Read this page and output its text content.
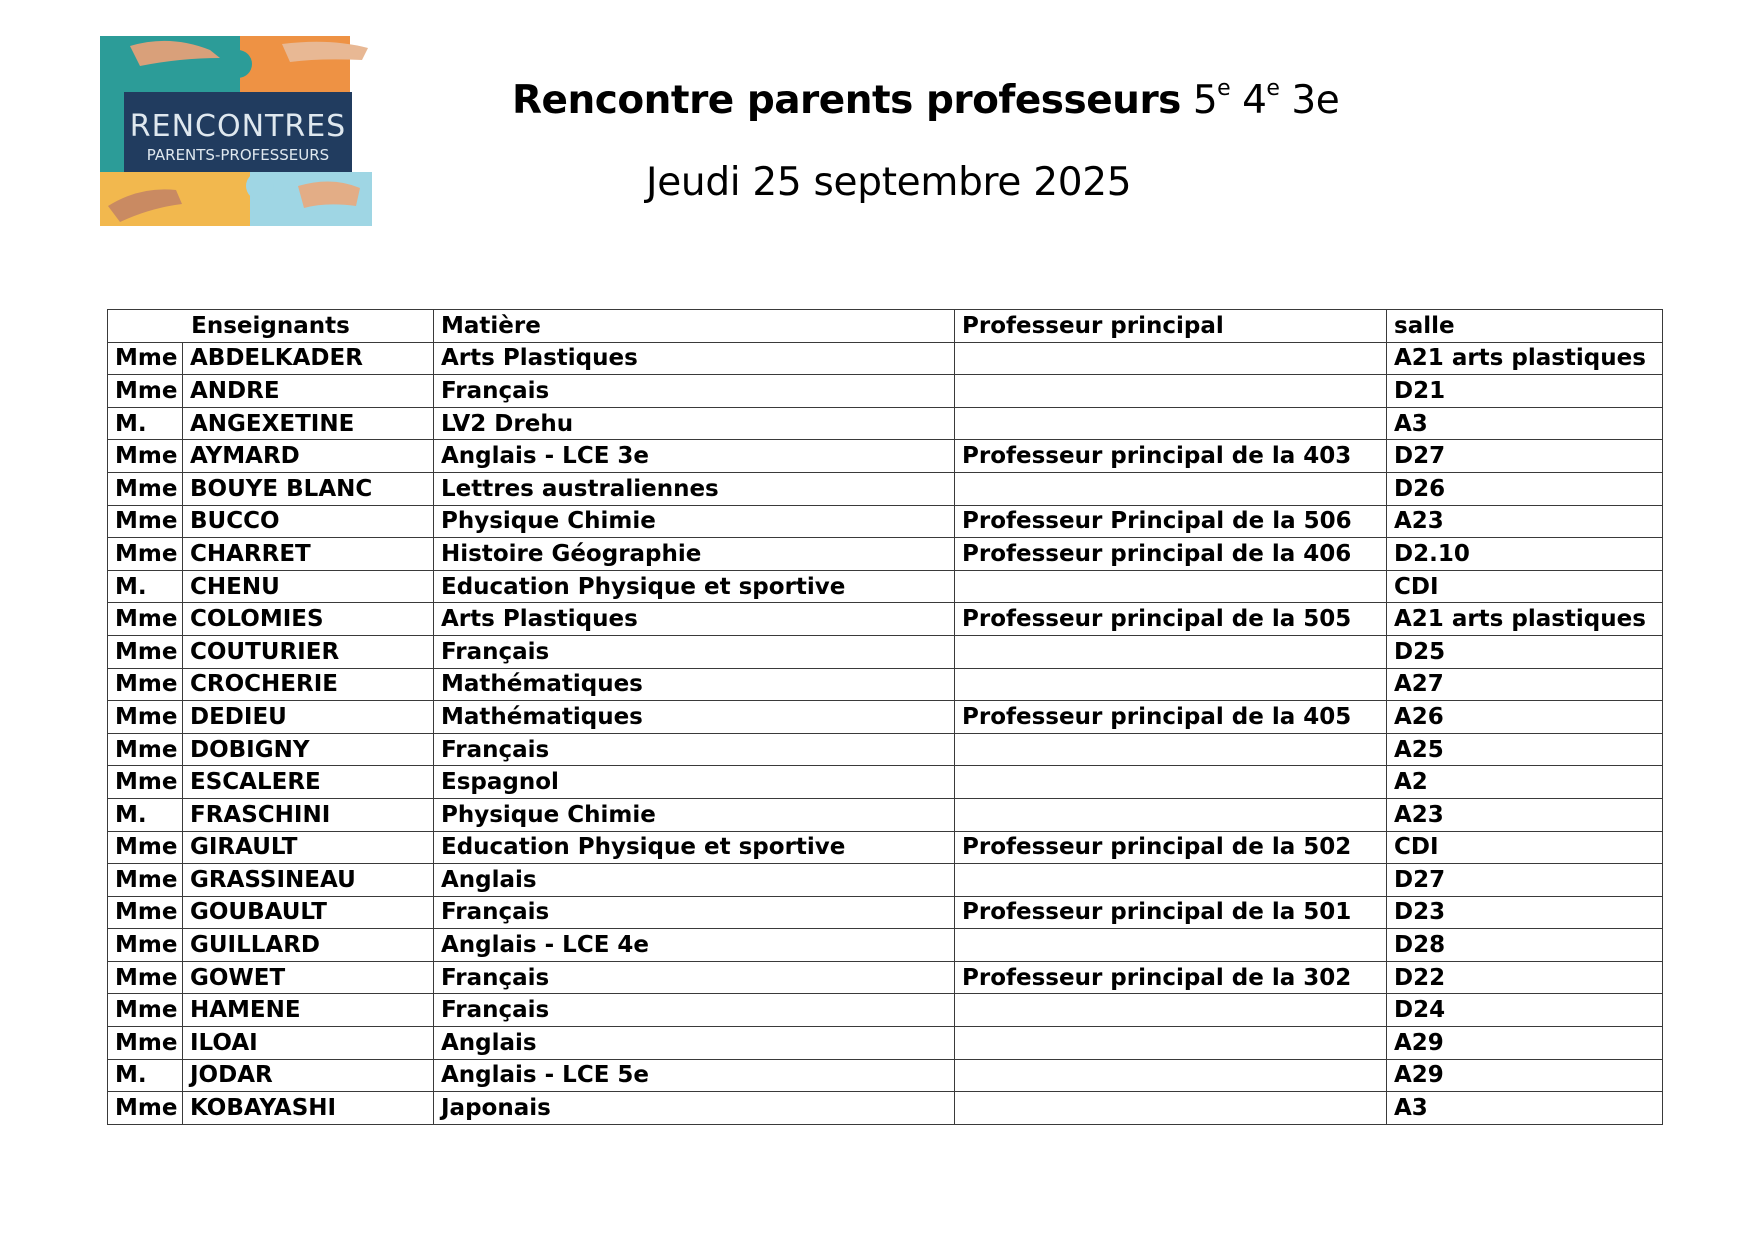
RENCONTRES
PARENTS-PROFESSEURS
Rencontre parents professeurs 5e 4e 3e
Jeudi 25 septembre 2025
Enseignants		Matière	Professeur principal	salle
Mme	ABDELKADER	Arts Plastiques		A21 arts plastiques
Mme	ANDRE	Français		D21
M.	ANGEXETINE	LV2 Drehu		A3
Mme	AYMARD	Anglais - LCE 3e	Professeur principal de la 403	D27
Mme	BOUYE BLANC	Lettres australiennes		D26
Mme	BUCCO	Physique Chimie	Professeur Principal de la 506	A23
Mme	CHARRET	Histoire Géographie	Professeur principal de la 406	D2.10
M.	CHENU	Education Physique et sportive		CDI
Mme	COLOMIES	Arts Plastiques	Professeur principal de la 505	A21 arts plastiques
Mme	COUTURIER	Français		D25
Mme	CROCHERIE	Mathématiques		A27
Mme	DEDIEU	Mathématiques	Professeur principal de la 405	A26
Mme	DOBIGNY	Français		A25
Mme	ESCALERE	Espagnol		A2
M.	FRASCHINI	Physique Chimie		A23
Mme	GIRAULT	Education Physique et sportive	Professeur principal de la 502	CDI
Mme	GRASSINEAU	Anglais		D27
Mme	GOUBAULT	Français	Professeur principal de la 501	D23
Mme	GUILLARD	Anglais - LCE 4e		D28
Mme	GOWET	Français	Professeur principal de la 302	D22
Mme	HAMENE	Français		D24
Mme	ILOAI	Anglais		A29
M.	JODAR	Anglais - LCE 5e		A29
Mme	KOBAYASHI	Japonais		A3
